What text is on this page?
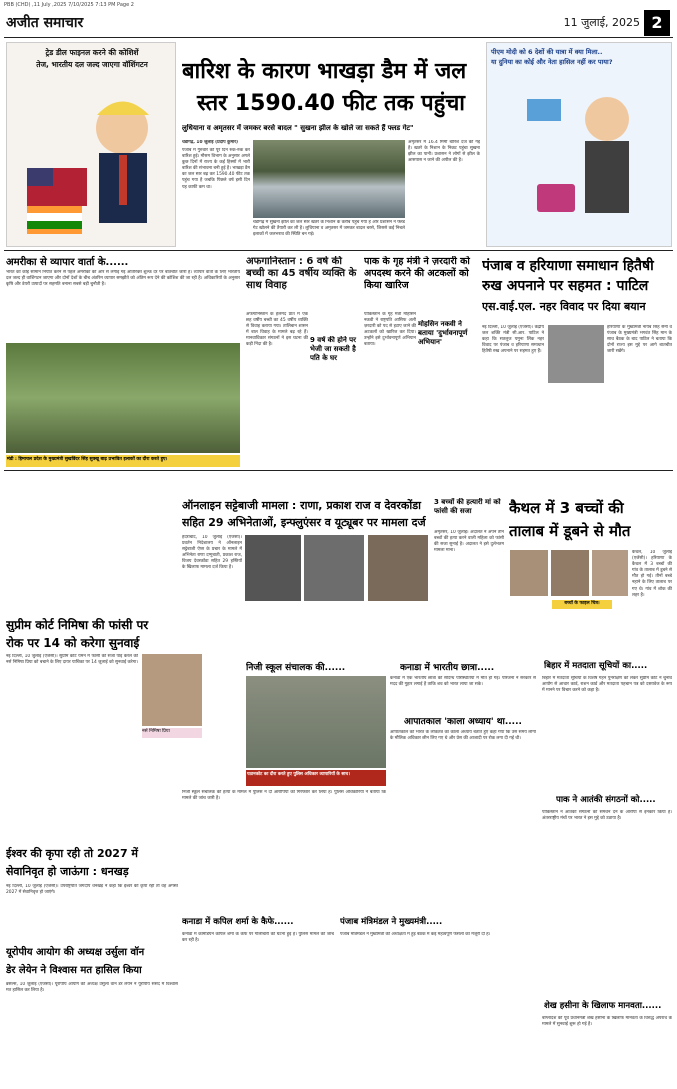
PBB (CHD) ,11 July ,2025 7/10/2025 7:13 PM Page 2
अजीत समाचार	11 जुलाई, 2025 2
ट्रेड डील फाइनल करने की कोशिशें
तेज, भारतीय दल जल्द जाएगा वॉशिंगटन	बारिश के कारण भाखड़ा डैम में जल
स्तर 1590.40 फीट तक पहुंचा
लुधियाना व अमृतसर में जमकर बरसे बादल " सुखना झील के खोले जा सकते हैं फ्लड गेट"
चंडीगढ़, 10 जुलाई (प्रदीप कुमार)
पंजाब में गुरुवार को पूरे दिन रुक-रुक कर बारिश हुई। मौसम विभाग के अनुसार अगले कुछ दिनों में राज्य के कई हिस्सों में भारी बारिश की संभावना बनी हुई है। भाखड़ा डैम का जल स्तर बढ़ कर 1590.40 फीट तक पहुंच गया है जबकि पिछले वर्ष इसी दिन यह काफी कम था।
चंडीगढ़ में सुखना झील का जल स्तर खतरे के निशान के करीब पहुंच गया है और प्रशासन ने फ्लड गेट खोलने की तैयारी कर ली है। लुधियाना व अमृतसर में जमकर बादल बरसे, जिससे कई निचले इलाकों में जलभराव की स्थिति बन गई।
अमृतसर में 16.4 मिमी बारिश दर्ज की गई है। खतरे के निशान के निकट पहुंचा सुखना झील का पानी। प्रशासन ने लोगों से झील के आसपास न जाने की अपील की है।
पीएम मोदी को 6 देशों की यात्रा में क्या मिला..
या दुनिया का कोई और नेता हासिल नहीं कर पाया?
अमरीका से व्यापार वार्ता के......
भारत को कोई सामान निर्यात करने से पहले अमरीका की ओर से लगाई गई अतिरिक्त शुल्क दर पर बातचीत जारी है। व्यापार वार्ता के लिए भारतीय दल जल्द ही वाशिंगटन जाएगा और दोनों देशों के बीच अंतरिम व्यापार समझौते को अंतिम रूप देने की कोशिश की जा रही है। अधिकारियों के अनुसार कृषि और डेयरी उत्पादों पर सहमति बनाना सबसे बड़ी चुनौती है।
मंडी : हिमाचल प्रदेश के मुख्यमंत्री सुखविंदर सिंह सुक्खू बाढ़ प्रभावित इलाकों का दौरा करते हुए।
अफगानिस्तान : 6 वर्ष की बच्ची का 45 वर्षीय व्यक्ति के साथ विवाह
अफगानिस्तान के हेलमंद प्रांत में एक छह वर्षीय बच्ची का 45 वर्षीय व्यक्ति से विवाह कराया गया। तालिबान शासन में बाल विवाह के मामले बढ़ रहे हैं। मानवाधिकार संगठनों ने इस घटना की कड़ी निंदा की है।
9 वर्ष की होने पर भेजी जा सकती है पति के घर
पाक के गृह मंत्री ने ज़रदारी को अपदस्थ करने की अटकलों को किया खारिज
मोहसिन नकवी ने बताया 'दुर्भावनापूर्ण अभियान'
पाकिस्तान के गृह मंत्री मोहसिन नकवी ने राष्ट्रपति आसिफ अली ज़रदारी को पद से हटाए जाने की अटकलों को खारिज कर दिया। उन्होंने इसे दुर्भावनापूर्ण अभियान बताया।
पंजाब व हरियाणा समाधान हितैषी
रुख अपनाने पर सहमत : पाटिल
एस.वाई.एल. नहर विवाद पर दिया बयान
नई दिल्ली, 10 जुलाई (एजेंसी)। केंद्रीय जल शक्ति मंत्री सी.आर. पाटिल ने कहा कि सतलुज यमुना लिंक नहर विवाद पर पंजाब व हरियाणा समाधान हितैषी रुख अपनाने पर सहमत हुए हैं।
हरियाणा के मुख्यमंत्री नायब सिंह सैनी व पंजाब के मुख्यमंत्री भगवंत सिंह मान के साथ बैठक के बाद पाटिल ने बताया कि दोनों राज्य इस मुद्दे पर आगे बातचीत जारी रखेंगे।
सुप्रीम कोर्ट निमिषा की फांसी पर
रोक पर 14 को करेगा सुनवाई
नई दिल्ली, 10 जुलाई (एजेंसी)। सुप्रीम कोर्ट यमन में फांसी की सजा पाई केरल की नर्स निमिषा प्रिया को बचाने के लिए दायर याचिका पर 14 जुलाई को सुनवाई करेगा।
नर्स निमिषा प्रिया
ऑनलाइन सट्टेबाजी मामला : राणा, प्रकाश राज व देवरकोंडा
सहित 29 अभिनेताओं, इन्फ्लुएंसर व यूट्यूबर पर मामला दर्ज
हैदराबाद, 10 जुलाई (एजेंसी)। प्रवर्तन निदेशालय ने ऑनलाइन सट्टेबाजी ऐप्स के प्रचार के मामले में अभिनेता राणा दग्गुबाती, प्रकाश राज, विजय देवरकोंडा सहित 29 हस्तियों के खिलाफ मामला दर्ज किया है।
3 बच्चों की हत्यारी मां को फांसी की सजा
अमृतसर, 10 जुलाई। अदालत ने अपने तीन बच्चों की हत्या करने वाली महिला को फांसी की सजा सुनाई है। अदालत ने इसे दुर्लभतम मामला माना।
कैथल में 3 बच्चों की
तालाब में डूबने से मौत
बच्चों के फाइल चित्र।
कैथल, 10 जुलाई (एजेंसी)। हरियाणा के कैथल में 3 बच्चों की गांव के तालाब में डूबने से मौत हो गई। तीनों बच्चे नहाने के लिए तालाब पर गए थे। गांव में शोक की लहर है।
निजी स्कूल संचालक की......
पठानकोट का दौरा करते हुए पुलिस अधिकार व्यापारियों के साथ।
निजी स्कूल संचालक की हत्या के मामले में पुलिस ने दो आरोपियों को गिरफ्तार कर लिया है। पुलिस अधिकारियों ने बताया कि मामले की जांच जारी है।
ईश्वर की कृपा रही तो 2027 में
सेवानिवृत हो जाऊंगा : धनखड़
नई दिल्ली, 10 जुलाई (एजेंसी)। उपराष्ट्रपति जगदीप धनखड़ ने कहा कि ईश्वर की कृपा रही तो वह अगस्त 2027 में सेवानिवृत्त हो जाएंगे।
यूरोपीय आयोग की अध्यक्ष उर्सुला वॉन
डेर लेयेन ने विश्वास मत हासिल किया
ब्रसेल्स, 10 जुलाई (एजेंसी)। यूरोपीय आयोग की अध्यक्ष उर्सुला वॉन डेर लेयेन ने यूरोपीय संसद में विश्वास मत हासिल कर लिया है।
कनाडा में भारतीय छात्रा.....
कनाडा में एक भारतीय छात्रा की संदिग्ध परिस्थितियों में मौत हो गई। परिजनों ने सरकार से मदद की गुहार लगाई है ताकि शव को भारत लाया जा सके।
आपातकाल 'काला अध्याय' था.....
आपातकाल को भारत के लोकतंत्र का काला अध्याय बताते हुए कहा गया कि उस समय लोगों के मौलिक अधिकार छीन लिए गए थे और प्रेस की आजादी पर रोक लगा दी गई थी।
बिहार में मतदाता सूचियों का.....
बिहार में मतदाता सूचियों के विशेष गहन पुनरीक्षण को लेकर सुप्रीम कोर्ट ने चुनाव आयोग से आधार कार्ड, राशन कार्ड और मतदाता पहचान पत्र को दस्तावेज के रूप में मानने पर विचार करने को कहा है।
पाक ने आतंकी संगठनों को.....
पाकिस्तान ने आतंकी संगठनों को समर्थन देने के आरोपों से इनकार किया है। अंतरराष्ट्रीय मंचों पर भारत ने इस मुद्दे को उठाया है।
कनाडा में कपिल शर्मा के कैफे......
कनाडा में कॉमेडियन कपिल शर्मा के कैफे पर गोलीबारी की घटना हुई है। पुलिस मामले की जांच कर रही है।
पंजाब मंत्रिमंडल ने मुख्यमंत्री.....
पंजाब मंत्रिमंडल ने मुख्यमंत्री की अध्यक्षता में हुई बैठक में कई महत्वपूर्ण फैसलों को मंजूरी दी है।
शेख हसीना के खिलाफ मानवता......
बांग्लादेश की पूर्व प्रधानमंत्री शेख हसीना के खिलाफ मानवता के विरुद्ध अपराध के मामले में सुनवाई शुरू हो गई है।
